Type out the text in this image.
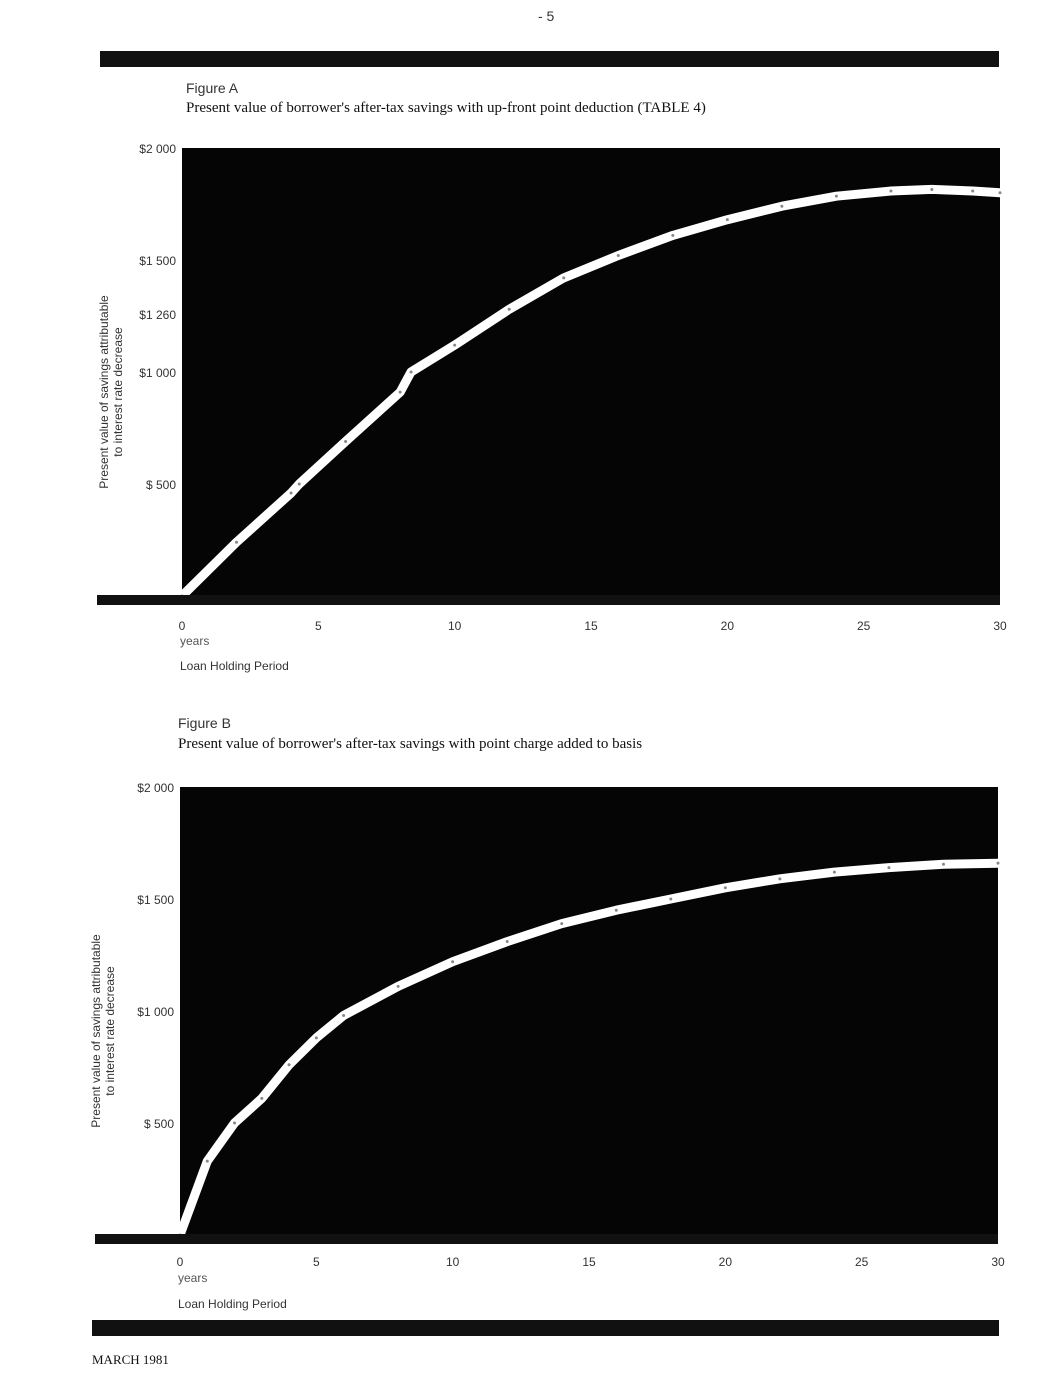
- 5
Figure A
Present value of borrower's after-tax savings with up-front point deduction (TABLE 4)
$2 000
$1 500
$1 260
$1 000
$ 500
0	5	10	15	20	25	30
years
Loan Holding Period
Present value of savings attributable to interest rate decrease
Figure B
Present value of borrower's after-tax savings with point charge added to basis
$2 000
$1 500
$1 000
$ 500
0	5	10	15	20	25	30
years
Loan Holding Period
Present value of savings attributable to interest rate decrease
MARCH 1981
